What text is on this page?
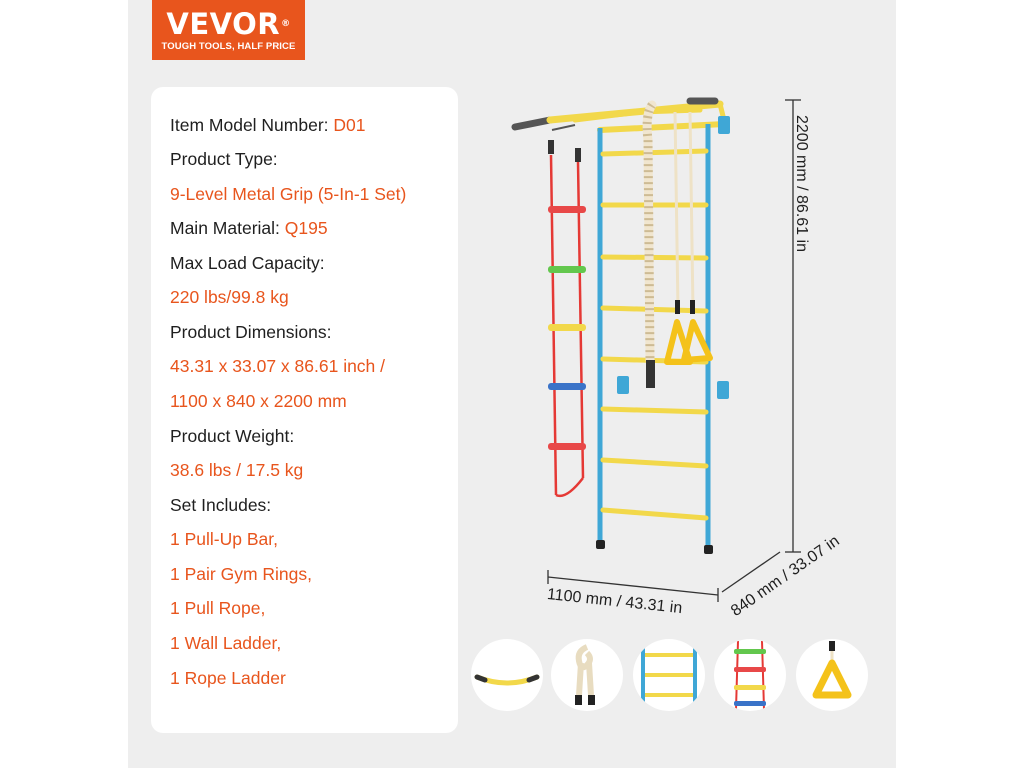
VEVOR®
TOUGH TOOLS, HALF PRICE
Item Model Number: D01
Product Type:
9-Level Metal Grip (5-In-1 Set)
Main Material: Q195
Max Load Capacity:
220 lbs/99.8 kg
Product Dimensions:
43.31 x 33.07 x 86.61 inch /
1100 x 840 x 2200 mm
Product Weight:
38.6 lbs / 17.5 kg
Set Includes:
1 Pull-Up Bar,
1 Pair Gym Rings,
1 Pull Rope,
1 Wall Ladder,
1 Rope Ladder
2200 mm / 86.61 in
1100 mm / 43.31 in	840 mm / 33.07 in
